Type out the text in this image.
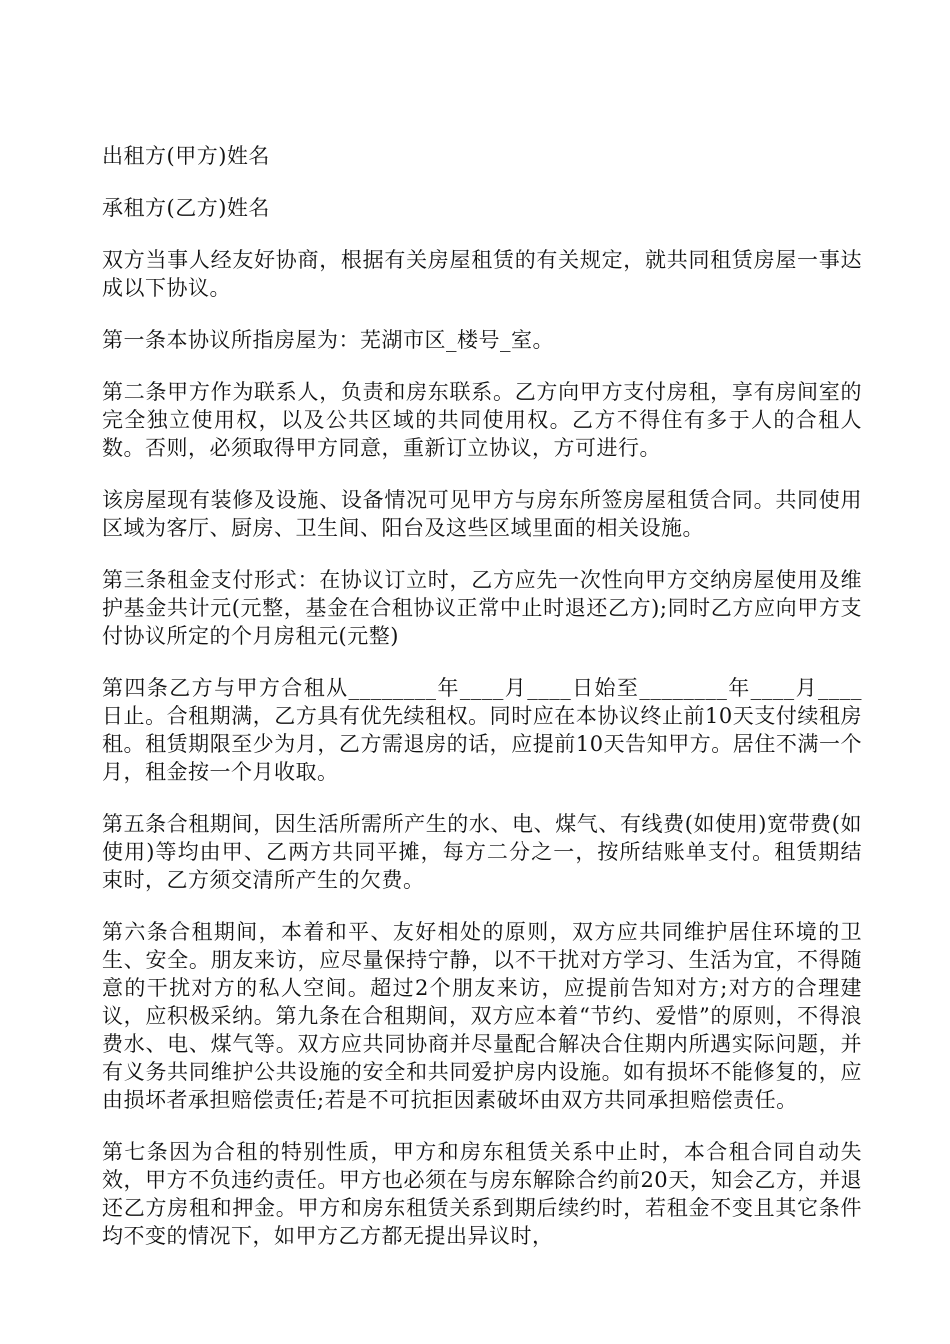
出租方(甲方)姓名

承租方(乙方)姓名

双方当事人经友好协商，根据有关房屋租赁的有关规定，就共同租赁房屋一事达成以下协议。

第一条本协议所指房屋为：芜湖市区_楼号_室。

第二条甲方作为联系人，负责和房东联系。乙方向甲方支付房租，享有房间室的完全独立使用权，以及公共区域的共同使用权。乙方不得住有多于人的合租人数。否则，必须取得甲方同意，重新订立协议，方可进行。

该房屋现有装修及设施、设备情况可见甲方与房东所签房屋租赁合同。共同使用区域为客厅、厨房、卫生间、阳台及这些区域里面的相关设施。

第三条租金支付形式：在协议订立时，乙方应先一次性向甲方交纳房屋使用及维护基金共计元(元整，基金在合租协议正常中止时退还乙方);同时乙方应向甲方支付协议所定的个月房租元(元整)

第四条乙方与甲方合租从________年____月____日始至________年____月____日止。合租期满，乙方具有优先续租权。同时应在本协议终止前10天支付续租房租。租赁期限至少为月，乙方需退房的话，应提前10天告知甲方。居住不满一个月，租金按一个月收取。

第五条合租期间，因生活所需所产生的水、电、煤气、有线费(如使用)宽带费(如使用)等均由甲、乙两方共同平摊，每方二分之一，按所结账单支付。租赁期结束时，乙方须交清所产生的欠费。

第六条合租期间，本着和平、友好相处的原则，双方应共同维护居住环境的卫生、安全。朋友来访，应尽量保持宁静，以不干扰对方学习、生活为宜，不得随意的干扰对方的私人空间。超过2个朋友来访，应提前告知对方;对方的合理建议，应积极采纳。第九条在合租期间，双方应本着“节约、爱惜”的原则，不得浪费水、电、煤气等。双方应共同协商并尽量配合解决合住期内所遇实际问题，并有义务共同维护公共设施的安全和共同爱护房内设施。如有损坏不能修复的，应由损坏者承担赔偿责任;若是不可抗拒因素破坏由双方共同承担赔偿责任。

第七条因为合租的特别性质，甲方和房东租赁关系中止时，本合租合同自动失效，甲方不负违约责任。甲方也必须在与房东解除合约前20天，知会乙方，并退还乙方房租和押金。甲方和房东租赁关系到期后续约时，若租金不变且其它条件均不变的情况下，如甲方乙方都无提出异议时，
